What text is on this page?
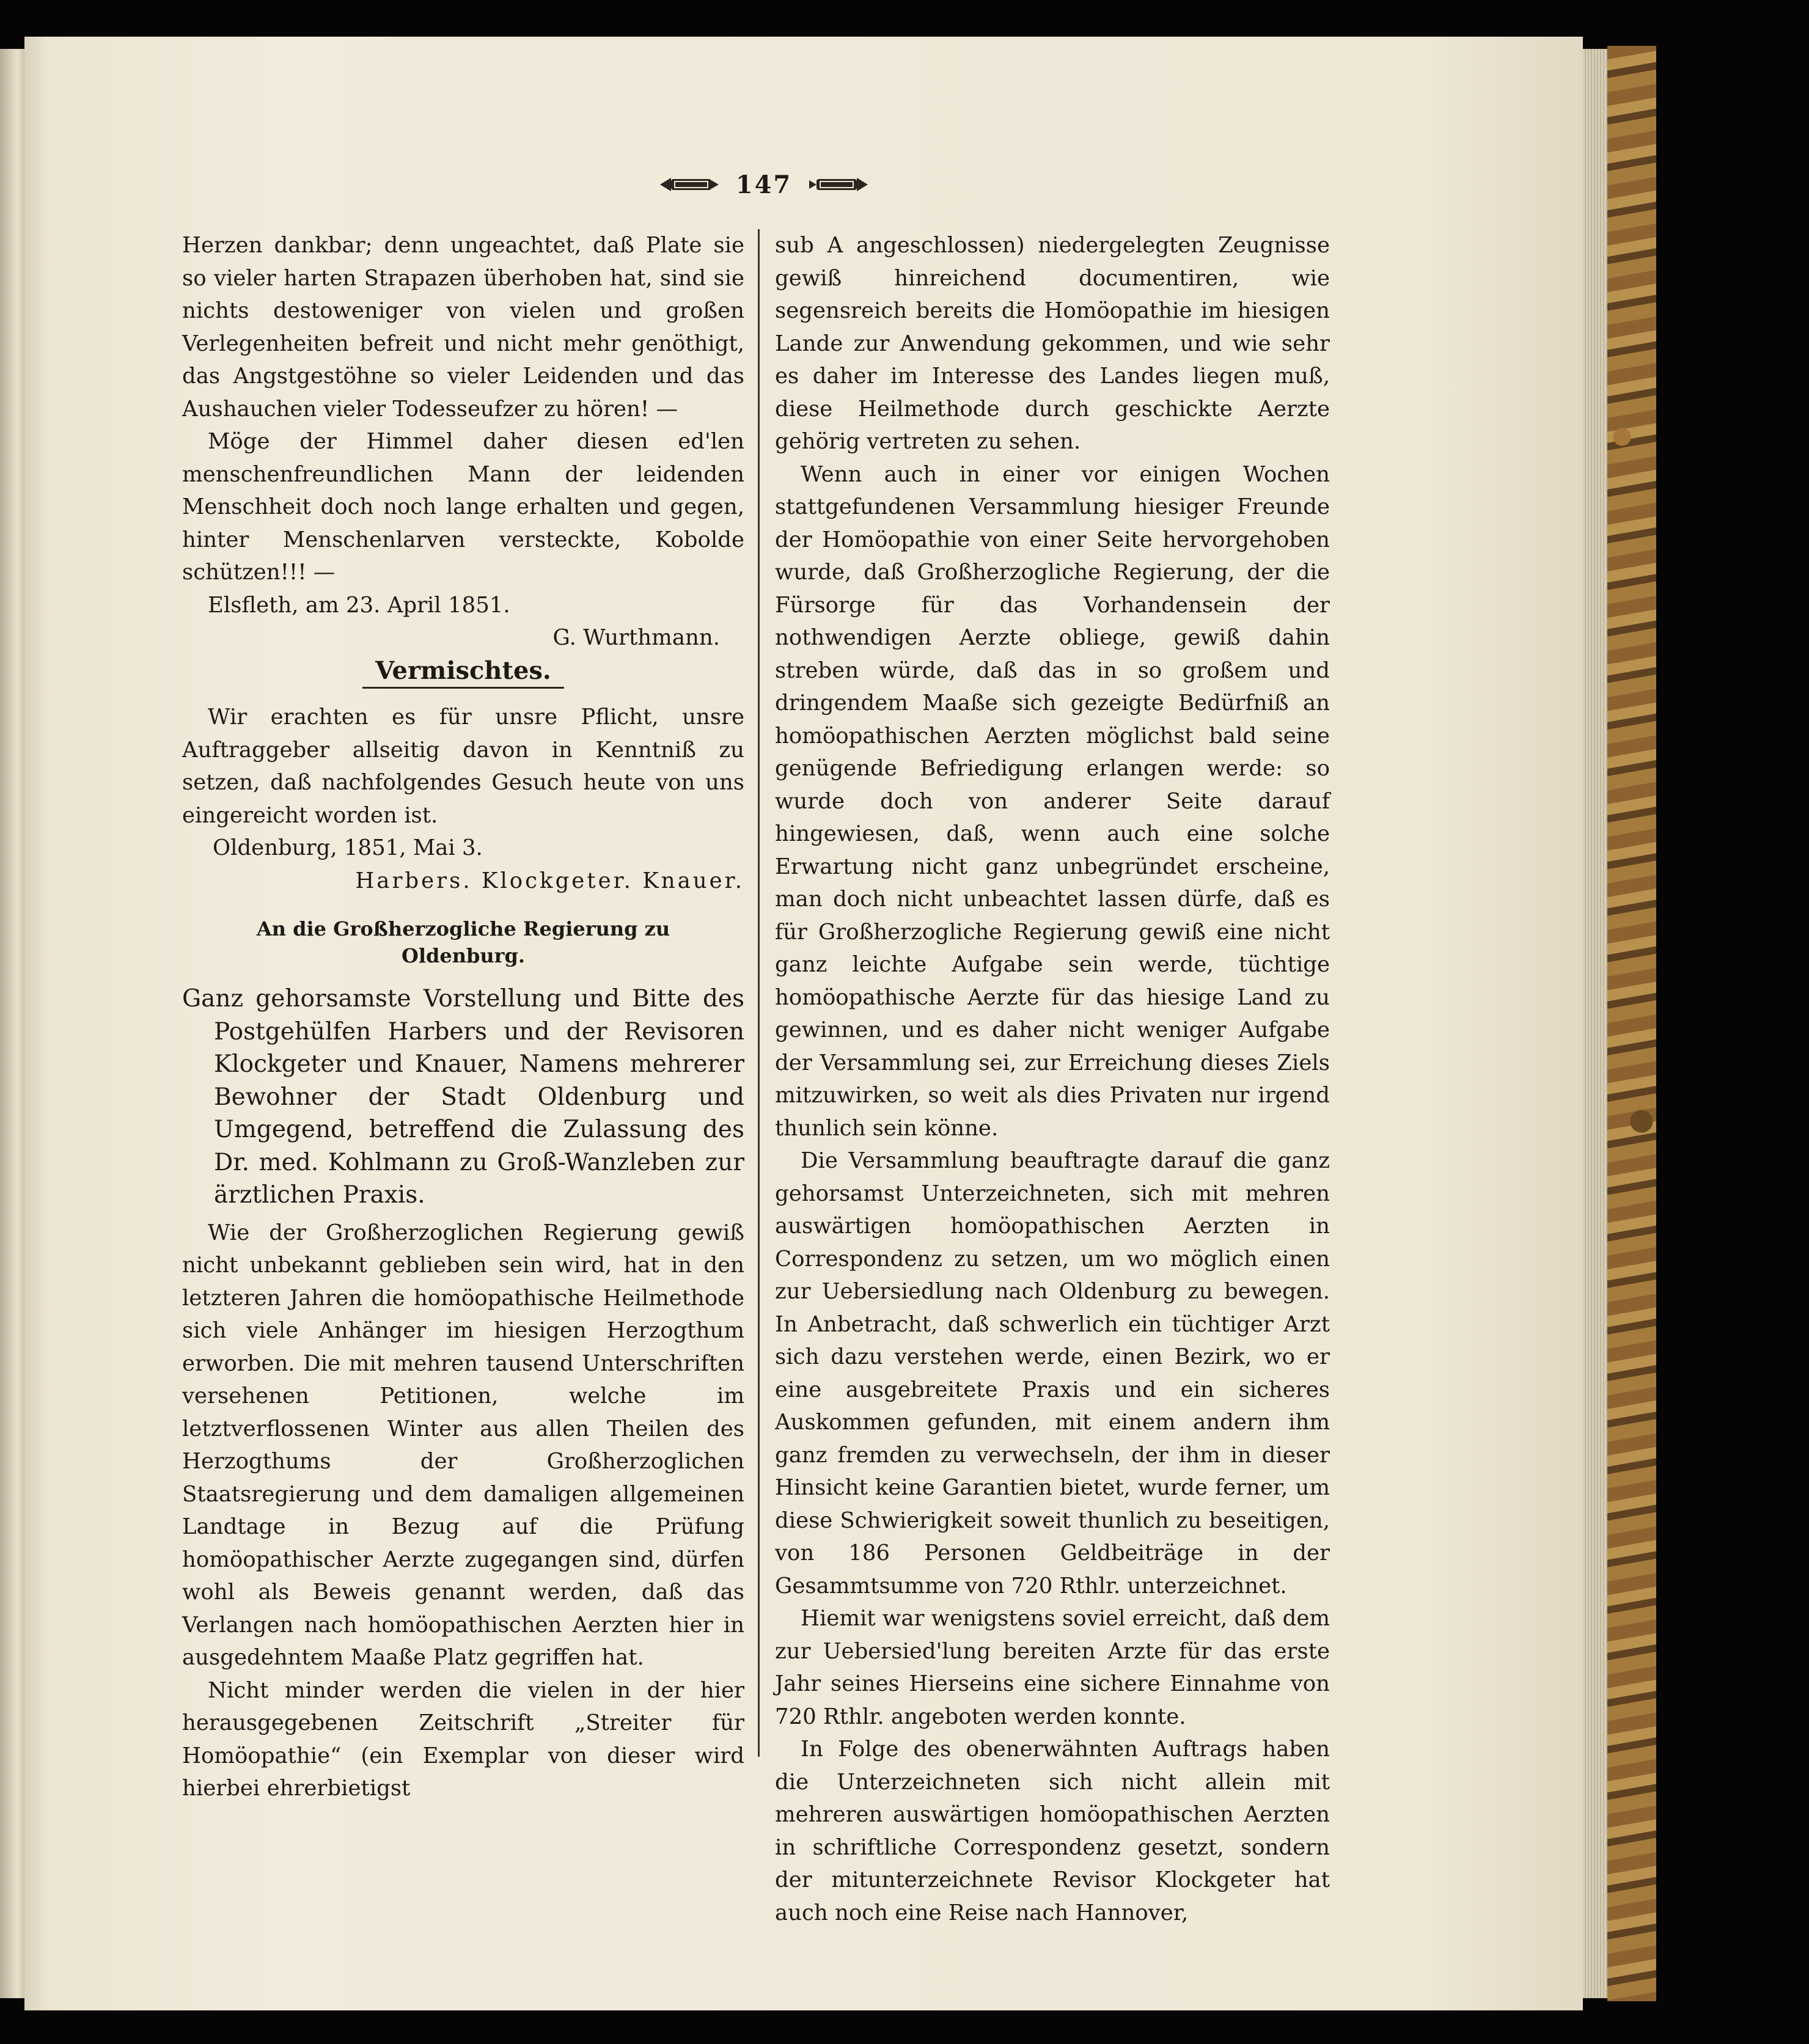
147

Herzen dankbar; denn ungeachtet, daß Plate sie so vieler harten Strapazen überhoben hat, sind sie nichts destoweniger von vielen und großen Verlegenheiten befreit und nicht mehr genöthigt, das Angstgestöhne so vieler Leidenden und das Aushauchen vieler Todesseufzer zu hören! —

Möge der Himmel daher diesen ed'len menschenfreundlichen Mann der leidenden Menschheit doch noch lange erhalten und gegen, hinter Menschenlarven versteckte, Kobolde schützen!!! —

Elsfleth, am 23. April 1851.

G. Wurthmann.

Vermischtes.

Wir erachten es für unsre Pflicht, unsre Auftraggeber allseitig davon in Kenntniß zu setzen, daß nachfolgendes Gesuch heute von uns eingereicht worden ist.

Oldenburg, 1851, Mai 3.

Harbers. Klockgeter. Knauer.

An die Großherzogliche Regierung zu
Oldenburg.

Ganz gehorsamste Vorstellung und Bitte des Postgehülfen Harbers und der Revisoren Klockgeter und Knauer, Namens mehrerer Bewohner der Stadt Oldenburg und Umgegend, betreffend die Zulassung des Dr. med. Kohlmann zu Groß-Wanzleben zur ärztlichen Praxis.

Wie der Großherzoglichen Regierung gewiß nicht unbekannt geblieben sein wird, hat in den letzteren Jahren die homöopathische Heilmethode sich viele Anhänger im hiesigen Herzogthum erworben. Die mit mehren tausend Unterschriften versehenen Petitionen, welche im letztverflossenen Winter aus allen Theilen des Herzogthums der Großherzoglichen Staatsregierung und dem damaligen allgemeinen Landtage in Bezug auf die Prüfung homöopathischer Aerzte zugegangen sind, dürfen wohl als Beweis genannt werden, daß das Verlangen nach homöopathischen Aerzten hier in ausgedehntem Maaße Platz gegriffen hat.

Nicht minder werden die vielen in der hier herausgegebenen Zeitschrift „Streiter für Homöopathie“ (ein Exemplar von dieser wird hierbei ehrerbietigst

sub A angeschlossen) niedergelegten Zeugnisse gewiß hinreichend documentiren, wie segensreich bereits die Homöopathie im hiesigen Lande zur Anwendung gekommen, und wie sehr es daher im Interesse des Landes liegen muß, diese Heilmethode durch geschickte Aerzte gehörig vertreten zu sehen.

Wenn auch in einer vor einigen Wochen stattgefundenen Versammlung hiesiger Freunde der Homöopathie von einer Seite hervorgehoben wurde, daß Großherzogliche Regierung, der die Fürsorge für das Vorhandensein der nothwendigen Aerzte obliege, gewiß dahin streben würde, daß das in so großem und dringendem Maaße sich gezeigte Bedürfniß an homöopathischen Aerzten möglichst bald seine genügende Befriedigung erlangen werde: so wurde doch von anderer Seite darauf hingewiesen, daß, wenn auch eine solche Erwartung nicht ganz unbegründet erscheine, man doch nicht unbeachtet lassen dürfe, daß es für Großherzogliche Regierung gewiß eine nicht ganz leichte Aufgabe sein werde, tüchtige homöopathische Aerzte für das hiesige Land zu gewinnen, und es daher nicht weniger Aufgabe der Versammlung sei, zur Erreichung dieses Ziels mitzuwirken, so weit als dies Privaten nur irgend thunlich sein könne.

Die Versammlung beauftragte darauf die ganz gehorsamst Unterzeichneten, sich mit mehren auswärtigen homöopathischen Aerzten in Correspondenz zu setzen, um wo möglich einen zur Uebersiedlung nach Oldenburg zu bewegen. In Anbetracht, daß schwerlich ein tüchtiger Arzt sich dazu verstehen werde, einen Bezirk, wo er eine ausgebreitete Praxis und ein sicheres Auskommen gefunden, mit einem andern ihm ganz fremden zu verwechseln, der ihm in dieser Hinsicht keine Garantien bietet, wurde ferner, um diese Schwierigkeit soweit thunlich zu beseitigen, von 186 Personen Geldbeiträge in der Gesammtsumme von 720 Rthlr. unterzeichnet.

Hiemit war wenigstens soviel erreicht, daß dem zur Uebersied'lung bereiten Arzte für das erste Jahr seines Hierseins eine sichere Einnahme von 720 Rthlr. angeboten werden konnte.

In Folge des obenerwähnten Auftrags haben die Unterzeichneten sich nicht allein mit mehreren auswärtigen homöopathischen Aerzten in schriftliche Correspondenz gesetzt, sondern der mitunterzeichnete Revisor Klockgeter hat auch noch eine Reise nach Hannover,
